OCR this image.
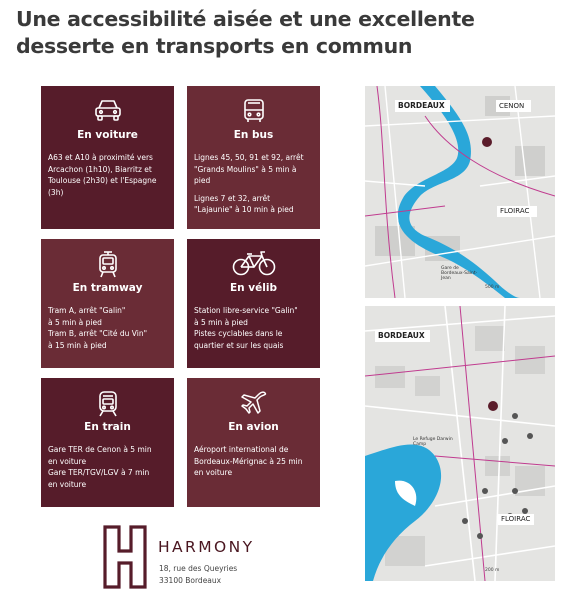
Une accessibilité aisée et une excellente
desserte en transports en commun
En voiture
A63 et A10 à proximité vers
Arcachon (1h10), Biarritz et
Toulouse (2h30) et l'Espagne
(3h)
En bus
Lignes 45, 50, 91 et 92, arrêt
"Grands Moulins" à 5 min à
pied
Lignes 7 et 32, arrêt
"Lajaunie" à 10 min à pied
En tramway
Tram A, arrêt "Galin"
à 5 min à pied
Tram B, arrêt "Cité du Vin"
à 15 min à pied
En vélib
Station libre-service "Galin"
à 5 min à pied
Pistes cyclables dans le
quartier et sur les quais
En train
Gare TER de Cenon à 5 min
en voiture
Gare TER/TGV/LGV à 7 min
en voiture
En avion
Aéroport international de
Bordeaux-Mérignac à 25 min
en voiture
BORDEAUX	CENON
FLOIRAC
Gare de Bordeaux-Saint-Jean
500 m
BORDEAUX
FLOIRAC
Le Refuge Darwin Camp
200 m
HARMONY
18, rue des Queyries
33100 Bordeaux
